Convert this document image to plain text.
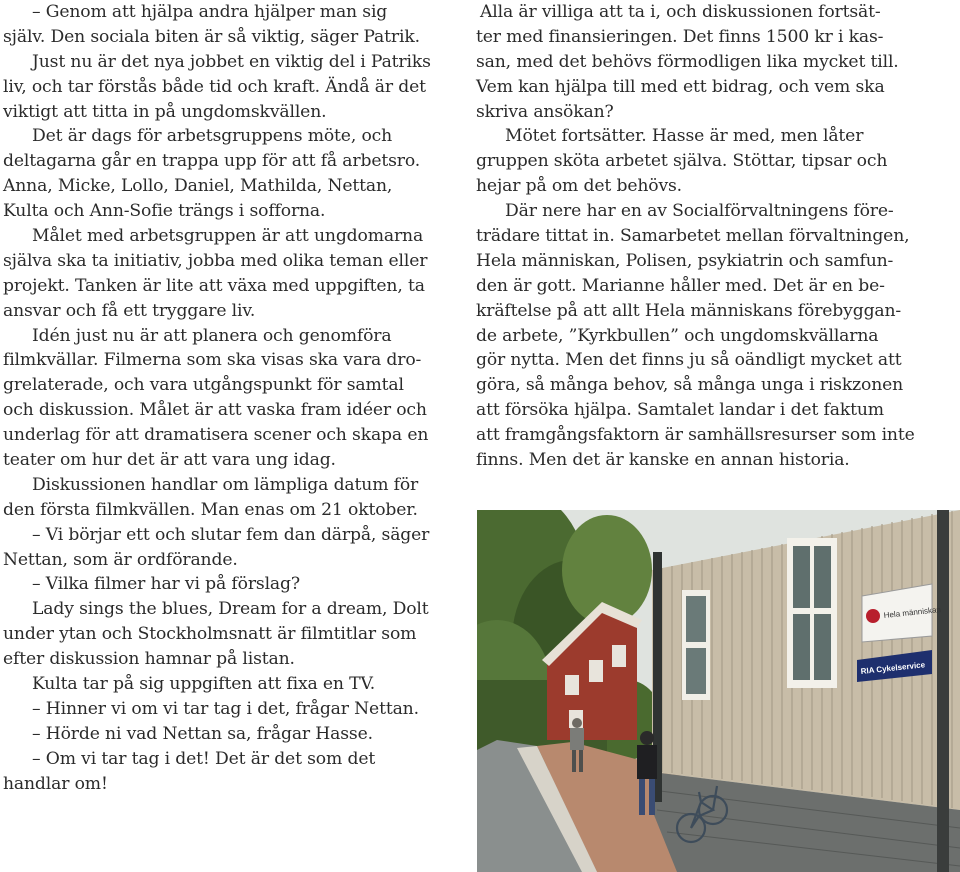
– Genom att hjälpa andra hjälper man sig
själv. Den sociala biten är så viktig, säger Patrik.
Just nu är det nya jobbet en viktig del i Patriks
liv, och tar förstås både tid och kraft. Ändå är det
viktigt att titta in på ungdomskvällen.
Det är dags för arbetsgruppens möte, och
deltagarna går en trappa upp för att få arbetsro.
Anna, Micke, Lollo, Daniel, Mathilda, Nettan,
Kulta och Ann-Sofie trängs i sofforna.
Målet med arbetsgruppen är att ungdomarna
själva ska ta initiativ, jobba med olika teman eller
projekt. Tanken är lite att växa med uppgiften, ta
ansvar och få ett tryggare liv.
Idén just nu är att planera och genomföra
filmkvällar. Filmerna som ska visas ska vara dro-
grelaterade, och vara utgångspunkt för samtal
och diskussion. Målet är att vaska fram idéer och
underlag för att dramatisera scener och skapa en
teater om hur det är att vara ung idag.
Diskussionen handlar om lämpliga datum för
den första filmkvällen. Man enas om 21 oktober.
– Vi börjar ett och slutar fem dan därpå, säger
Nettan, som är ordförande.
– Vilka filmer har vi på förslag?
Lady sings the blues, Dream for a dream, Dolt
under ytan och Stockholmsnatt är filmtitlar som
efter diskussion hamnar på listan.
Kulta tar på sig uppgiften att fixa en TV.
– Hinner vi om vi tar tag i det, frågar Nettan.
– Hörde ni vad Nettan sa, frågar Hasse.
– Om vi tar tag i det! Det är det som det
handlar om!
Alla är villiga att ta i, och diskussionen fortsät-
ter med finansieringen. Det finns 1500 kr i kas-
san, med det behövs förmodligen lika mycket till.
Vem kan hjälpa till med ett bidrag, och vem ska
skriva ansökan?
Mötet fortsätter. Hasse är med, men låter
gruppen sköta arbetet själva. Stöttar, tipsar och
hejar på om det behövs.
Där nere har en av Socialförvaltningens före-
trädare tittat in. Samarbetet mellan förvaltningen,
Hela människan, Polisen, psykiatrin och samfun-
den är gott. Marianne håller med. Det är en be-
kräftelse på att allt Hela människans förebyggan-
de arbete, ”Kyrkbullen” och ungdomskvällarna
gör nytta. Men det finns ju så oändligt mycket att
göra, så många behov, så många unga i riskzonen
att försöka hjälpa. Samtalet landar i det faktum
att framgångsfaktorn är samhällsresurser som inte
finns. Men det är kanske en annan historia.
Hela människan
RIA Cykelservice
